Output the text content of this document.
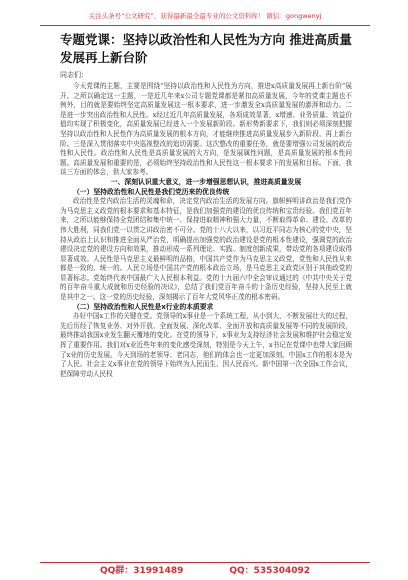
关注头条号“公文研究”，获得最新最全最专业的公文资料库！ 微信：gongwenyj
专题党课：坚持以政治性和人民性为方向 推进高质量发展再上新台阶
同志们：

今天党课的主题，主要是围绕“坚持以政治性和人民性为方向，推进x高质量发展再上新台阶”展开。之所以确定这一主题，一是近几年来x公司专题党课都是紧扣高质量发展，今年的党课主题也不例外，目的就是要始终坚定高质量发展这一根本要求，进一步激发全x高质量发展的澎湃和动力。二是进一步突出政治性和人民性。x经过近几年高质量发展，各项成效显著，x增速、业务质量、效益价值均实现了积极变化，高质量发展已经进入一个发展新阶段。新形势新要求下，我们则必须深刻把握坚持以政治性和人民性作为高质量发展的根本方向，才能继续推进高质量发展步入新阶段、再上新台阶。三是深入贯彻落实中央巡视整改的追切需要。这次整改的重要任务，就是要增强公司发展的政治性和人民性。政治性和人民性是高质量发展的大方向，是发展属性问题，是高质量发展的根本性问题。高质量发展和重要的是，必须始终坚持政治性和人民性这一根本要求下的发展和目标。下面，我谈三方面的体会，供大家参考。

一、深刻认识重大意义，进一步增强思想认识，推进高质量发展

（一）坚持政治性和人民性是我们党历来的优良传统

政治性是党内政治生活的灵魂和命，决定党内政治生活的发展方向。旗帜鲜明讲政治是我们党作为马克思主义政党的根本要求和基本特征，是我们加强党的建设的优良传统和宝贵经验。我们党百年来，之所以能够保持全党团结和集中统一、保持进取精神和强大力量，不断取得革命、建设、改革的伟大胜利，同我们党一以贯之讲政治密不可分。党的十八大以来，以习近平同志为核心的党中央，坚持从政治上认识和推进全面从严治党，明确提出加强党的政治建设是党的根本性建设，强调党的政治建设决定党的建设方向和效果，推动形成一系列理论、实践、制度创新成果，带动党的各项建设取得显著成效。人民性是马克思主义最鲜明的品格，中国共产党作为马克思主义政党，党性和人民性从来都是一致的、统一的。人民立场是中国共产党的根本政治立场，是马克思主义政党区别于其他政党的显著标志。党始终代表中国最广大人民根本利益。党的十九届六中全会审议通过的《中共中央关于党的百年奋斗重大成就和历史经验的决议》，总结了我们党百年奋斗的十条历史经验，坚持人民至上就是其中之一。这一党的历史经验，深刻揭示了百年大党风华正茂的根本密码。

（二）坚持政治性和人民性是x行业的本质要求

办好中国x工作的关键在党。党领导的x事业是一个系统工程，从小到大，不断发展壮大的过程，先后历经了恢复业务、对外开放、全面发展、深化改革、全面开放和高质量发展等不同的发展阶段，最终推动我国x业发生翻天覆地的变化。在党的领导下，x事业为支持经济社会发展和维护社会稳定发挥了重要作用。我们对x业近些年来的变化感受深刻，特别是今天上午，x书记在党课中也带大家回顾了x业的历史发展。今天到场的老领导、老同志，他们的体会也一定更加深刻。中国x工作的根本是为了人民。社会主义x事业在党的领导下始终为人民而生、因人民而兴。新中国第一次全国x工作会议，把保障劳动人民权

QQ群：31991489	QQ：535304092
